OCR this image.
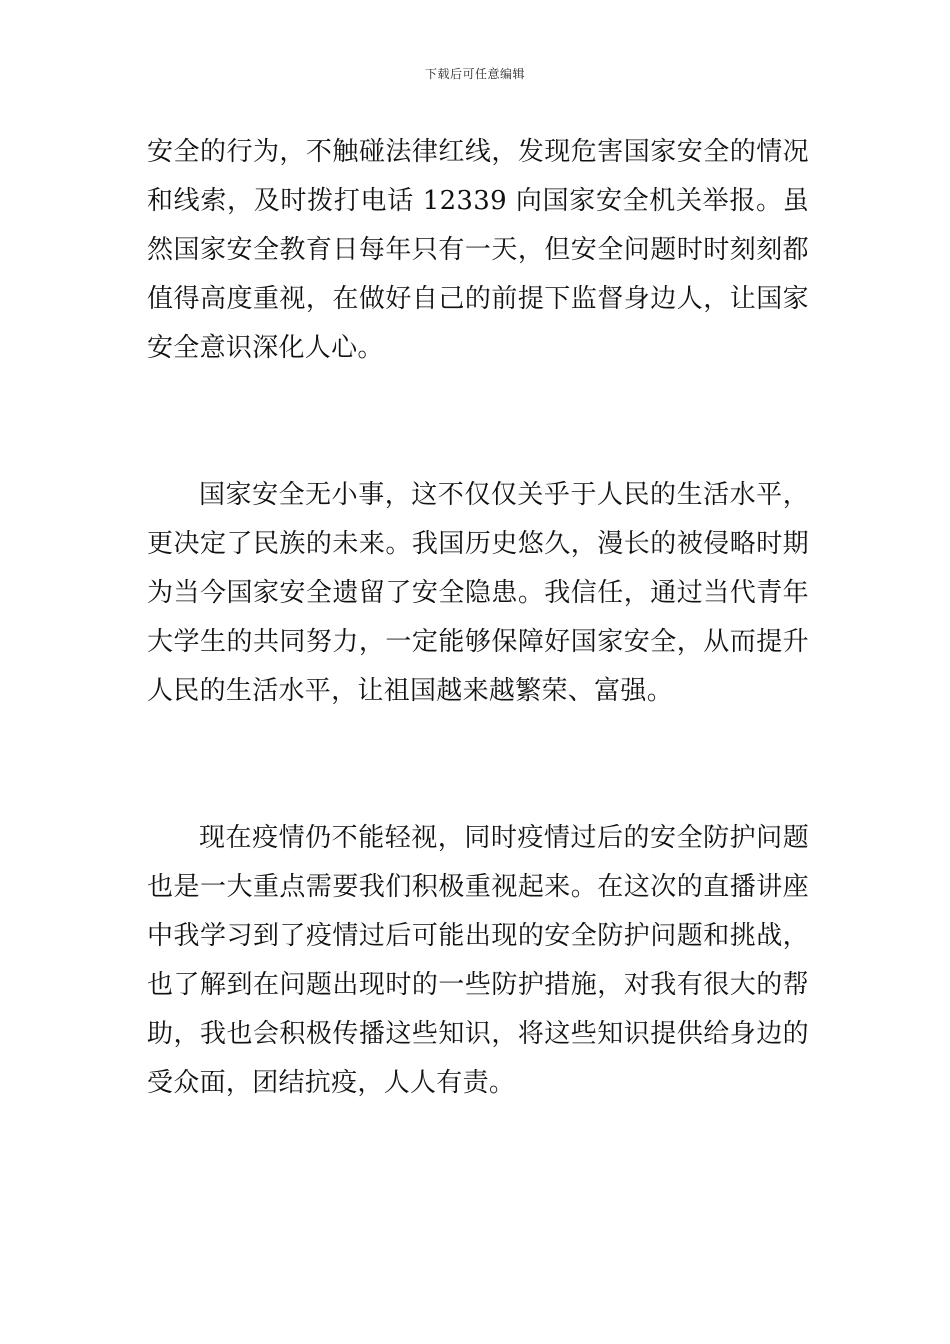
下载后可任意编辑

安全的行为，不触碰法律红线，发现危害国家安全的情况和线索，及时拨打电话 12339 向国家安全机关举报。虽然国家安全教育日每年只有一天，但安全问题时时刻刻都值得高度重视，在做好自己的前提下监督身边人，让国家安全意识深化人心。

国家安全无小事，这不仅仅关乎于人民的生活水平，更决定了民族的未来。我国历史悠久，漫长的被侵略时期为当今国家安全遗留了安全隐患。我信任，通过当代青年大学生的共同努力，一定能够保障好国家安全，从而提升人民的生活水平，让祖国越来越繁荣、富强。

现在疫情仍不能轻视，同时疫情过后的安全防护问题也是一大重点需要我们积极重视起来。在这次的直播讲座中我学习到了疫情过后可能出现的安全防护问题和挑战，也了解到在问题出现时的一些防护措施，对我有很大的帮助，我也会积极传播这些知识，将这些知识提供给身边的受众面，团结抗疫，人人有责。
